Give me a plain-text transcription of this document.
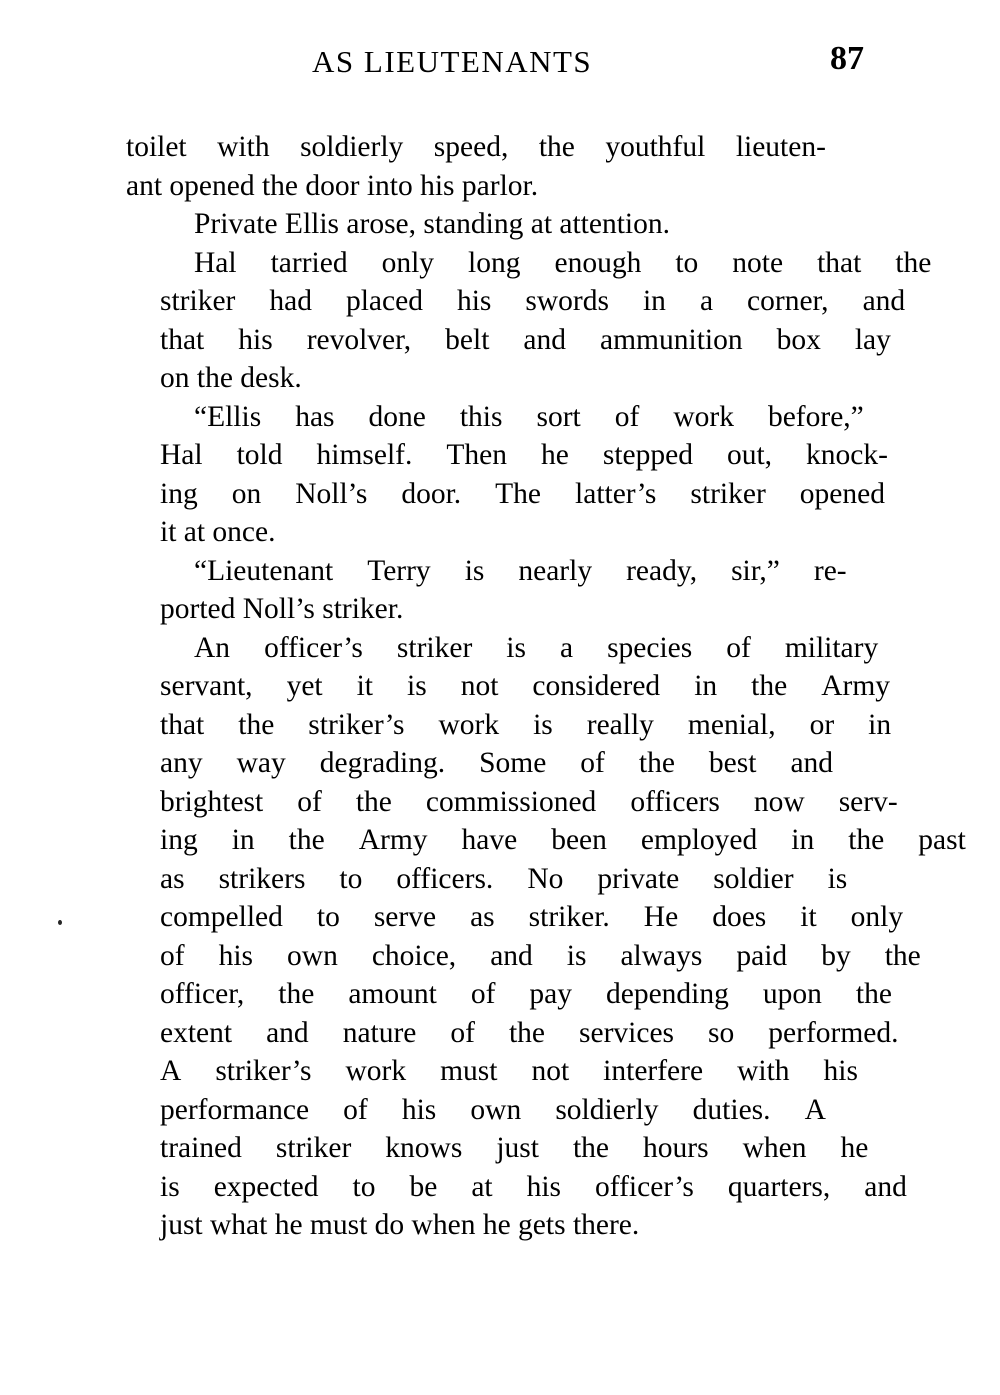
AS LIEUTENANTS	87

toilet with soldierly speed, the youthful lieuten-
ant opened the door into his parlor.

Private Ellis arose, standing at attention.

Hal	tarried	only	long	enough	to	note	that	the
striker	had	placed	his	swords	in	a	corner,	and
that	his	revolver,	belt	and	ammunition	box	lay
on the desk.

“Ellis	has	done	this	sort	of	work	before,”
Hal	told	himself.	Then	he	stepped	out,	knock-
ing	on	Noll’s	door.	The	latter’s	striker	opened
it at once.

“Lieutenant	Terry	is	nearly	ready,	sir,”	re-
ported Noll’s striker.

An	officer’s	striker	is	a	species	of	military
servant,	yet	it	is	not	considered	in	the	Army
that	the	striker’s	work	is	really	menial,	or	in
any	way	degrading.	Some	of	the	best	and
brightest	of	the	commissioned	officers	now	serv-
ing	in	the	Army	have	been	employed	in	the	past
as	strikers	to	officers.	No	private	soldier	is
compelled	to	serve	as	striker.	He	does	it	only
of	his	own	choice,	and	is	always	paid	by	the
officer,	the	amount	of	pay	depending	upon	the
extent	and	nature	of	the	services	so	performed.
A	striker’s	work	must	not	interfere	with	his
performance	of	his	own	soldierly	duties.	A
trained	striker	knows	just	the	hours	when	he
is	expected	to	be	at	his	officer’s	quarters,	and
just what he must do when he gets there.
